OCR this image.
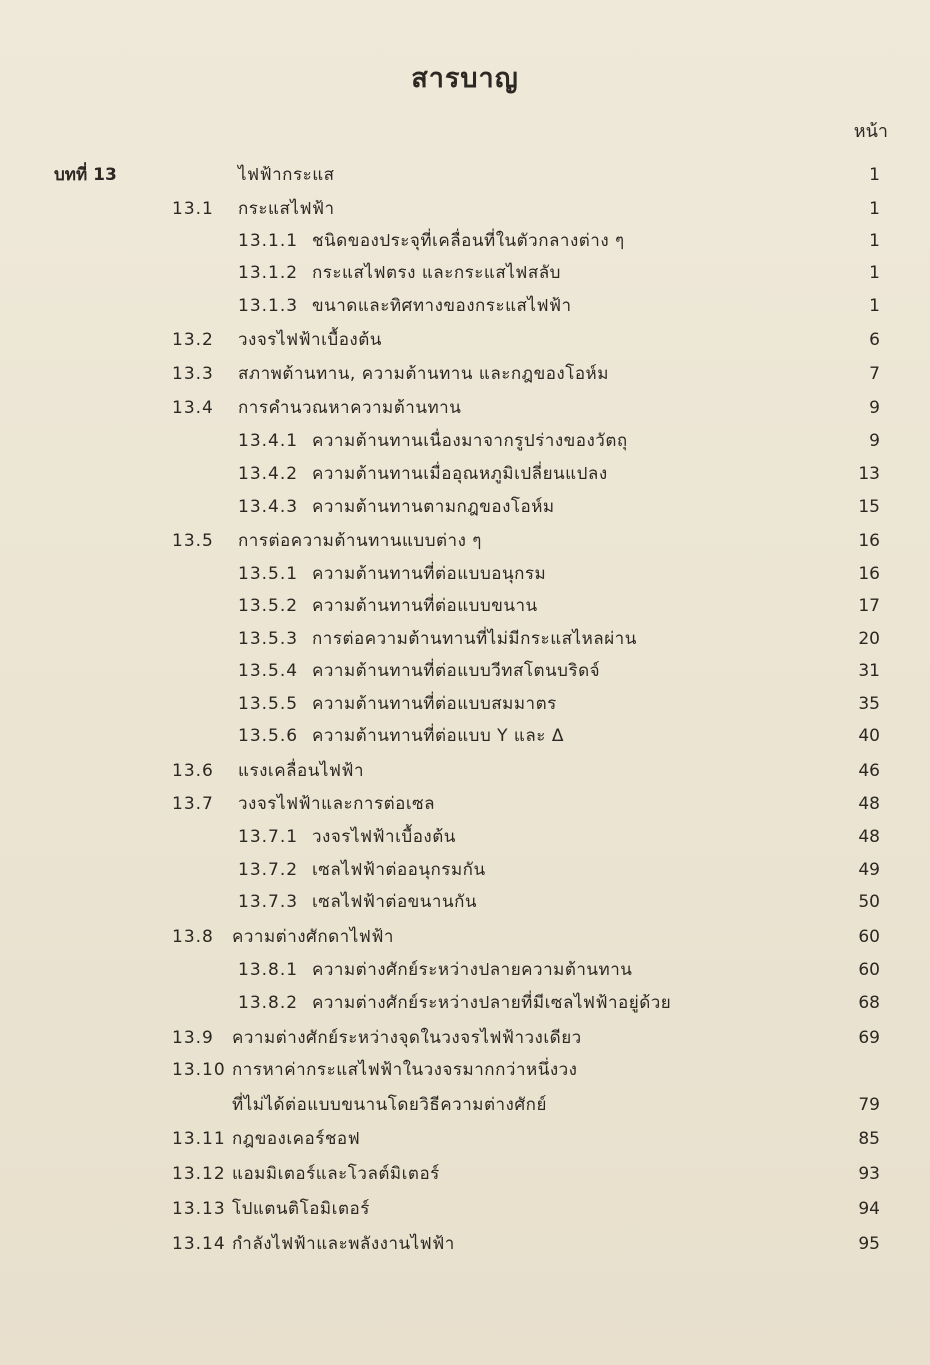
สารบาญ
หน้า
บทที่ 13	ไฟฟ้ากระแส	1
13.1 กระแสไฟฟ้า	1
13.1.1 ชนิดของประจุที่เคลื่อนที่ในตัวกลางต่าง ๆ	1
13.1.2 กระแสไฟตรง และกระแสไฟสลับ	1
13.1.3 ขนาดและทิศทางของกระแสไฟฟ้า	1
13.2 วงจรไฟฟ้าเบื้องต้น	6
13.3 สภาพต้านทาน, ความต้านทาน และกฎของโอห์ม	7
13.4 การคำนวณหาความต้านทาน	9
13.4.1 ความต้านทานเนื่องมาจากรูปร่างของวัตถุ	9
13.4.2 ความต้านทานเมื่ออุณหภูมิเปลี่ยนแปลง	13
13.4.3 ความต้านทานตามกฎของโอห์ม	15
13.5 การต่อความต้านทานแบบต่าง ๆ	16
13.5.1 ความต้านทานที่ต่อแบบอนุกรม	16
13.5.2 ความต้านทานที่ต่อแบบขนาน	17
13.5.3 การต่อความต้านทานที่ไม่มีกระแสไหลผ่าน	20
13.5.4 ความต้านทานที่ต่อแบบวีทสโตนบริดจ์	31
13.5.5 ความต้านทานที่ต่อแบบสมมาตร	35
13.5.6 ความต้านทานที่ต่อแบบ Y และ Δ	40
13.6 แรงเคลื่อนไฟฟ้า	46
13.7 วงจรไฟฟ้าและการต่อเซล	48
13.7.1 วงจรไฟฟ้าเบื้องต้น	48
13.7.2 เซลไฟฟ้าต่ออนุกรมกัน	49
13.7.3 เซลไฟฟ้าต่อขนานกัน	50
13.8 ความต่างศักดาไฟฟ้า	60
13.8.1 ความต่างศักย์ระหว่างปลายความต้านทาน	60
13.8.2 ความต่างศักย์ระหว่างปลายที่มีเซลไฟฟ้าอยู่ด้วย	68
13.9 ความต่างศักย์ระหว่างจุดในวงจรไฟฟ้าวงเดียว	69
13.10 การหาค่ากระแสไฟฟ้าในวงจรมากกว่าหนึ่งวง
ที่ไม่ได้ต่อแบบขนานโดยวิธีความต่างศักย์	79
13.11 กฎของเคอร์ชอฟ	85
13.12 แอมมิเตอร์และโวลต์มิเตอร์	93
13.13 โปแตนติโอมิเตอร์	94
13.14 กำลังไฟฟ้าและพลังงานไฟฟ้า	95
